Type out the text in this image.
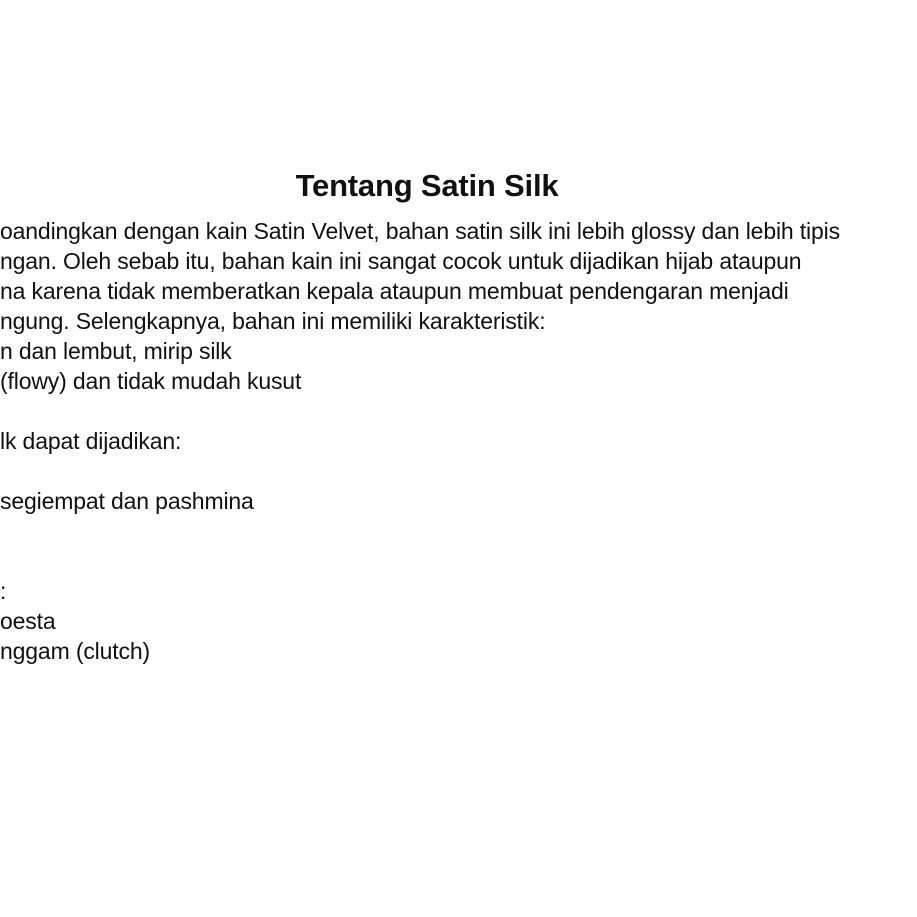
Tentang Satin Silk
oandingkan dengan kain Satin Velvet, bahan satin silk ini lebih glossy dan lebih tipis
ngan. Oleh sebab itu, bahan kain ini sangat cocok untuk dijadikan hijab ataupun
na karena tidak memberatkan kepala ataupun membuat pendengaran menjadi
ngung. Selengkapnya, bahan ini memiliki karakteristik:
n dan lembut, mirip silk
(flowy) dan tidak mudah kusut
lk dapat dijadikan:
segiempat dan pashmina
:
oesta
nggam (clutch)
